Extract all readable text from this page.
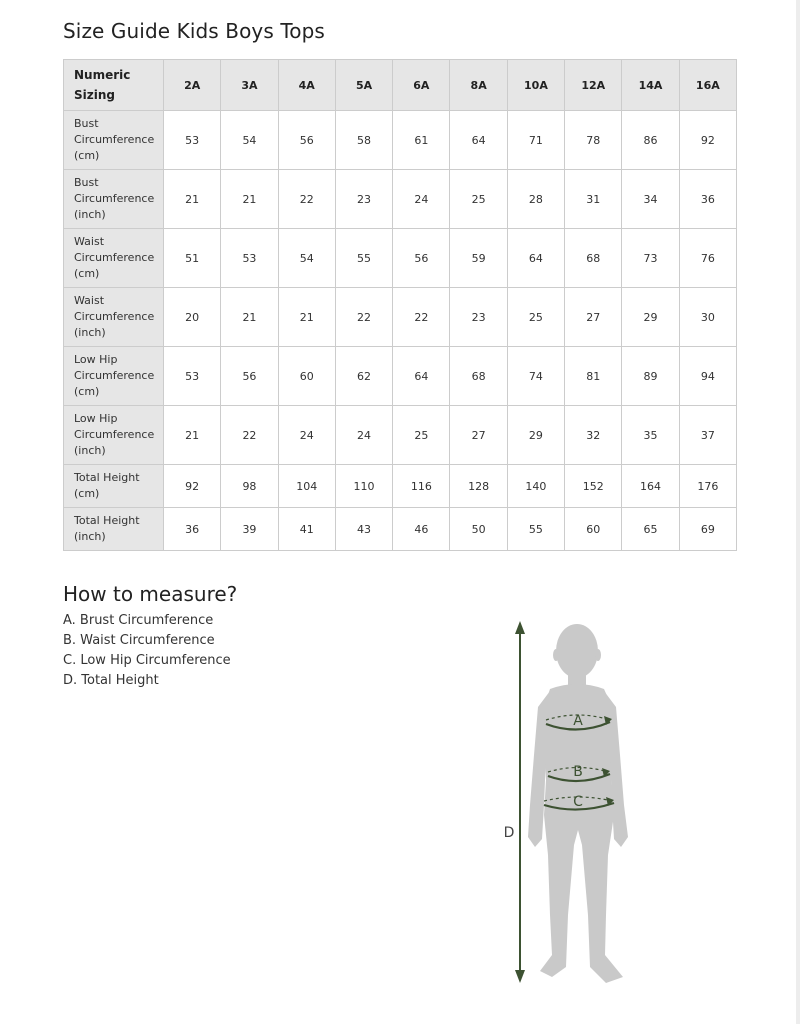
Size Guide Kids Boys Tops
Numeric
Sizing	2A	3A	4A	5A	6A	8A	10A	12A	14A	16A

Bust
Circumference
(cm)	53	54	56	58	61	64	71	78	86	92

Bust
Circumference
(inch)	21	21	22	23	24	25	28	31	34	36

Waist
Circumference
(cm)	51	53	54	55	56	59	64	68	73	76

Waist
Circumference
(inch)	20	21	21	22	22	23	25	27	29	30

Low Hip
Circumference
(cm)	53	56	60	62	64	68	74	81	89	94

Low Hip
Circumference
(inch)	21	22	24	24	25	27	29	32	35	37

Total Height
(cm)	92	98	104	110	116	128	140	152	164	176

Total Height
(inch)	36	39	41	43	46	50	55	60	65	69
How to measure?
A. Brust Circumference
B. Waist Circumference
C. Low Hip Circumference
D. Total Height
A
B
C
D
